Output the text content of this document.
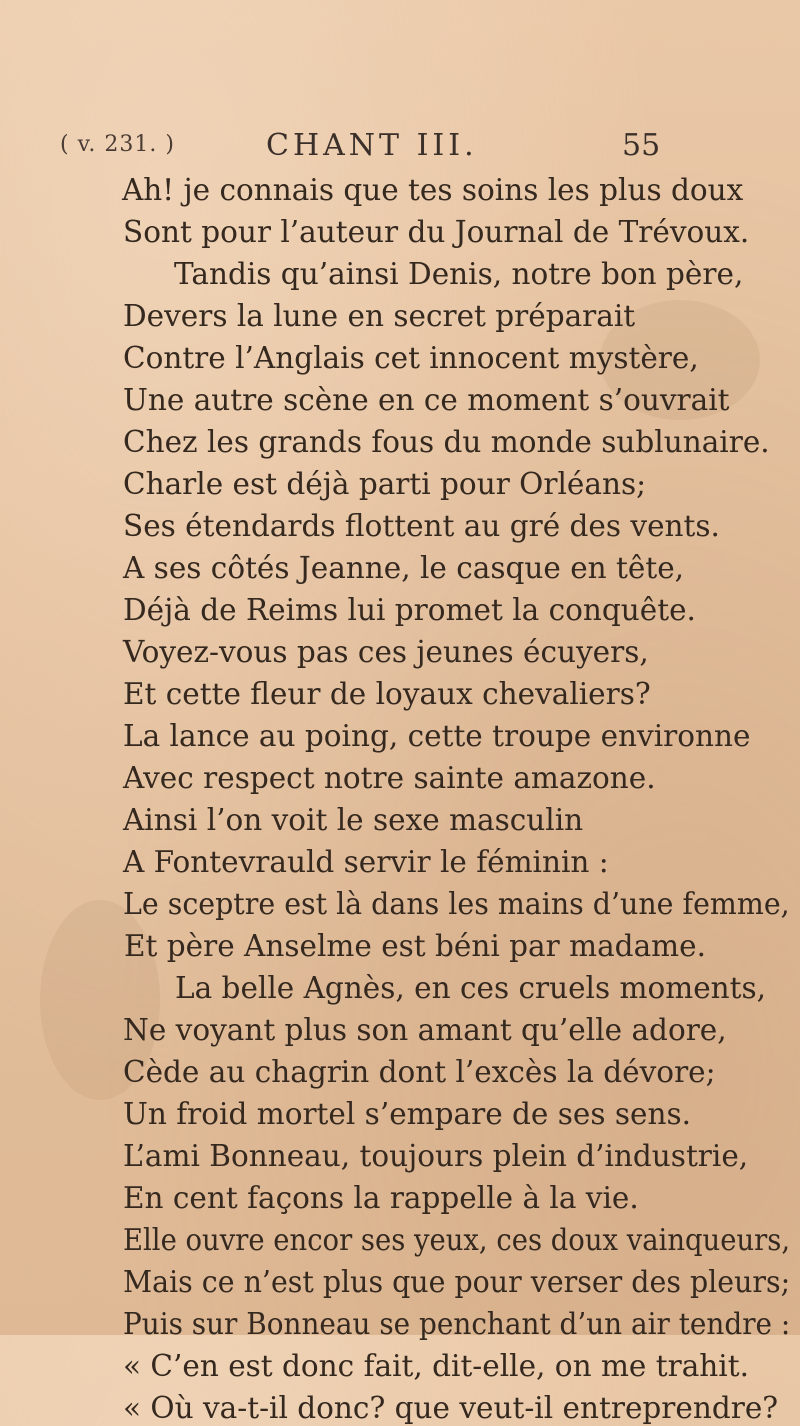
( v. 231. )	CHANT III.	55
Ah! je connais que tes soins les plus doux
Sont pour l’auteur du Journal de Trévoux.
Tandis qu’ainsi Denis, notre bon père,
Devers la lune en secret préparait
Contre l’Anglais cet innocent mystère,
Une autre scène en ce moment s’ouvrait
Chez les grands fous du monde sublunaire.
Charle est déjà parti pour Orléans;
Ses étendards flottent au gré des vents.
A ses côtés Jeanne, le casque en tête,
Déjà de Reims lui promet la conquête.
Voyez-vous pas ces jeunes écuyers,
Et cette fleur de loyaux chevaliers?
La lance au poing, cette troupe environne
Avec respect notre sainte amazone.
Ainsi l’on voit le sexe masculin
A Fontevrauld servir le féminin :
Le sceptre est là dans les mains d’une femme,
Et père Anselme est béni par madame.
La belle Agnès, en ces cruels moments,
Ne voyant plus son amant qu’elle adore,
Cède au chagrin dont l’excès la dévore;
Un froid mortel s’empare de ses sens.
L’ami Bonneau, toujours plein d’industrie,
En cent façons la rappelle à la vie.
Elle ouvre encor ses yeux, ces doux vainqueurs,
Mais ce n’est plus que pour verser des pleurs;
Puis sur Bonneau se penchant d’un air tendre :
« C’en est donc fait, dit-elle, on me trahit.
« Où va-t-il donc? que veut-il entreprendre?
